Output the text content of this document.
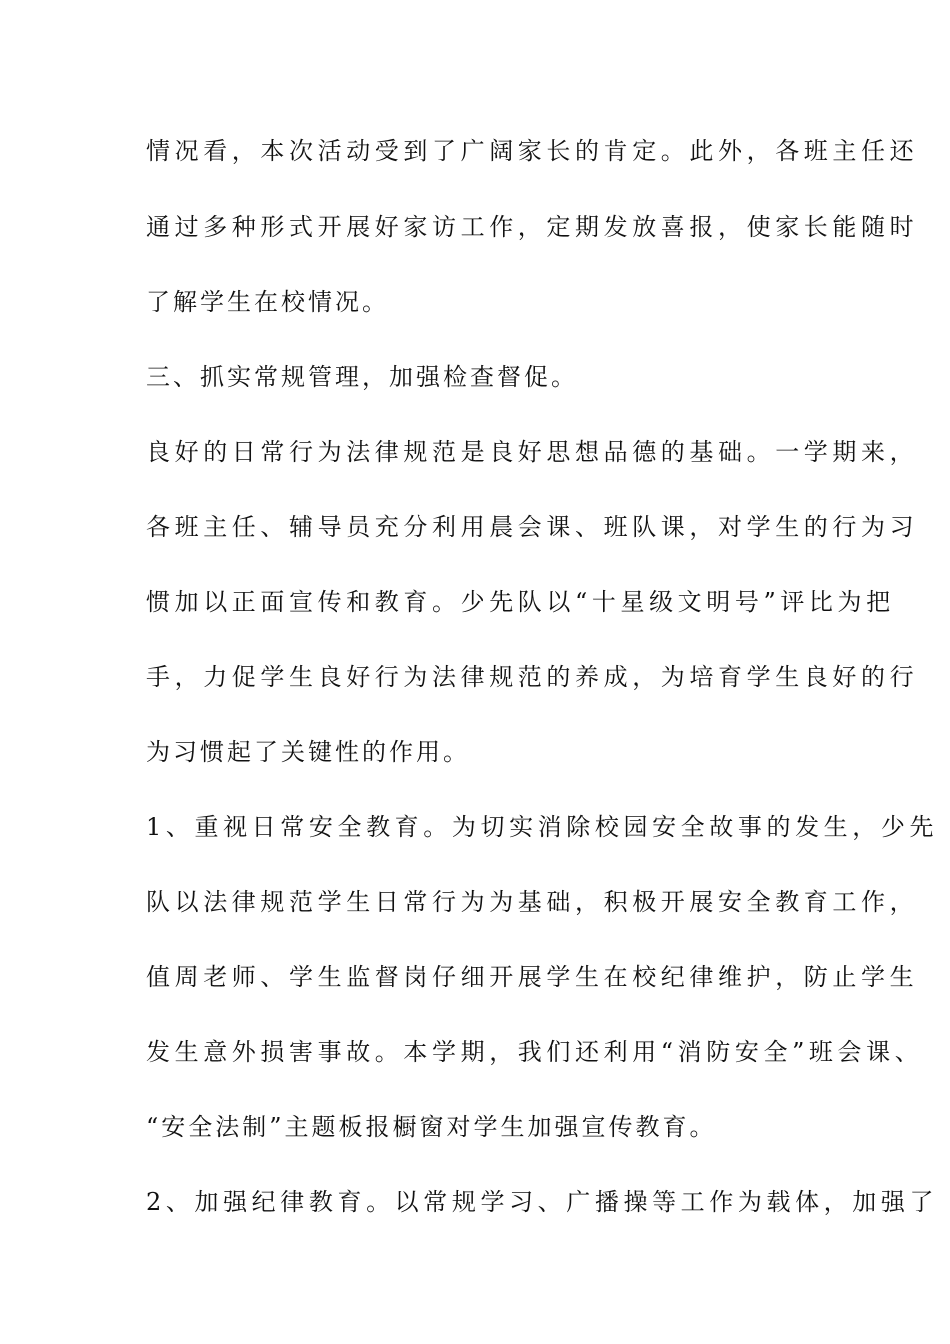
情况看，本次活动受到了广阔家长的肯定。此外，各班主任还
通过多种形式开展好家访工作，定期发放喜报，使家长能随时
了解学生在校情况。
三、抓实常规管理，加强检查督促。
良好的日常行为法律规范是良好思想品德的基础。一学期来，
各班主任、辅导员充分利用晨会课、班队课，对学生的行为习
惯加以正面宣传和教育。少先队以“十星级文明号”评比为把
手，力促学生良好行为法律规范的养成，为培育学生良好的行
为习惯起了关键性的作用。
1、重视日常安全教育。为切实消除校园安全故事的发生，少先
队以法律规范学生日常行为为基础，积极开展安全教育工作，
值周老师、学生监督岗仔细开展学生在校纪律维护，防止学生
发生意外损害事故。本学期，我们还利用“消防安全”班会课、
“安全法制”主题板报橱窗对学生加强宣传教育。
2、加强纪律教育。以常规学习、广播操等工作为载体，加强了
